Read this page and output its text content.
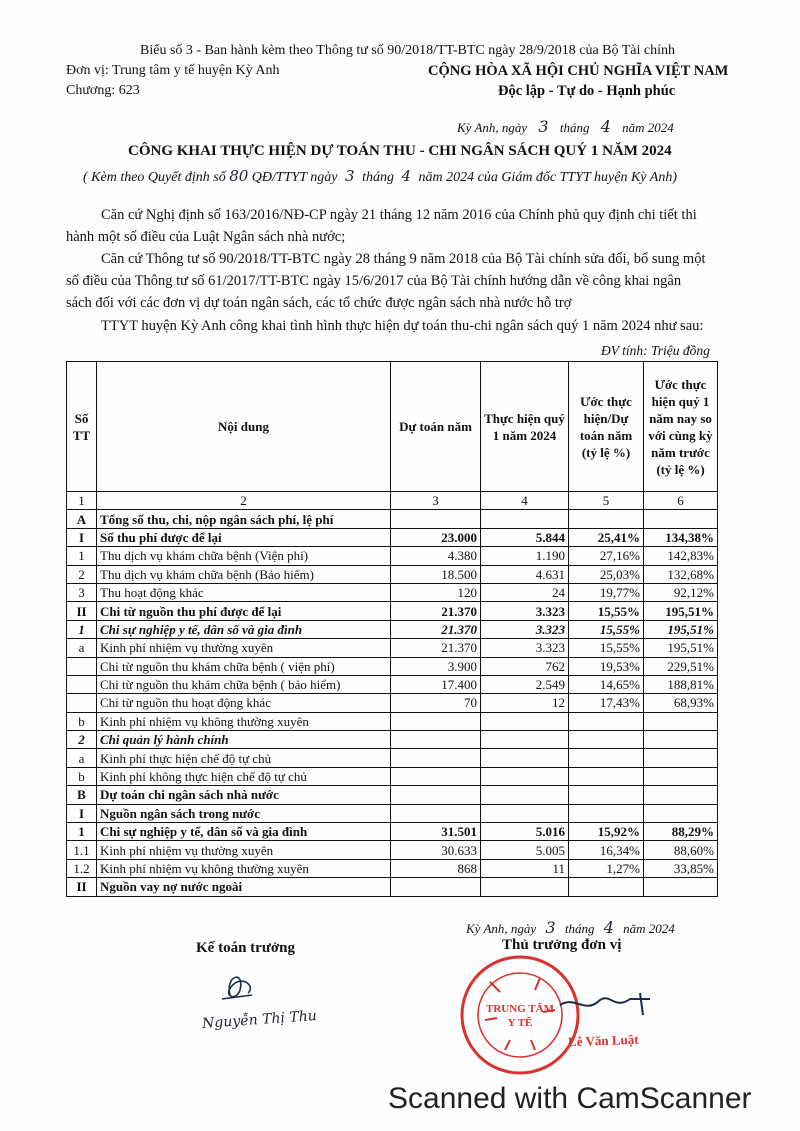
Biểu số 3 - Ban hành kèm theo Thông tư số 90/2018/TT-BTC ngày 28/9/2018 của Bộ Tài chính
Đơn vị: Trung tâm y tế huyện Kỳ Anh
Chương: 623
CỘNG HÒA XÃ HỘI CHỦ NGHĨA VIỆT NAM
Độc lập - Tự do - Hạnh phúc
Kỳ Anh, ngày 3 tháng 4 năm 2024
CÔNG KHAI THỰC HIỆN DỰ TOÁN THU - CHI NGÂN SÁCH QUÝ 1 NĂM 2024
( Kèm theo Quyết định số 80 QĐ/TTYT ngày 3 tháng 4 năm 2024 của Giám đốc TTYT huyện Kỳ Anh)
Căn cứ Nghị định số 163/2016/NĐ-CP ngày 21 tháng 12 năm 2016 của Chính phủ quy định chi tiết thi
hành một số điều của Luật Ngân sách nhà nước;
Căn cứ Thông tư số 90/2018/TT-BTC ngày 28 tháng 9 năm 2018 của Bộ Tài chính sửa đổi, bổ sung một
số điều của Thông tư số 61/2017/TT-BTC ngày 15/6/2017 của Bộ Tài chính hướng dẫn về công khai ngân
sách đối với các đơn vị dự toán ngân sách, các tổ chức được ngân sách nhà nước hỗ trợ
TTYT huyện Kỳ Anh công khai tình hình thực hiện dự toán thu-chi ngân sách quý 1 năm 2024 như sau:
ĐV tính: Triệu đồng
Số TT	Nội dung	Dự toán năm	Thực hiện quý 1 năm 2024	Ước thực hiện/Dự toán năm (tỷ lệ %)	Ước thực hiện quý 1 năm nay so với cùng kỳ năm trước (tỷ lệ %)
1	2	3	4	5	6
A	Tổng số thu, chi, nộp ngân sách phí, lệ phí				
I	Số thu phí được để lại	23.000	5.844	25,41%	134,38%
1	Thu dịch vụ khám chữa bệnh (Viện phí)	4.380	1.190	27,16%	142,83%
2	Thu dịch vụ khám chữa bệnh (Bảo hiểm)	18.500	4.631	25,03%	132,68%
3	Thu hoạt động khác	120	24	19,77%	92,12%
II	Chi từ nguồn thu phí được để lại	21.370	3.323	15,55%	195,51%
1	Chi sự nghiệp y tế, dân số và gia đình	21.370	3.323	15,55%	195,51%
a	Kinh phí nhiệm vụ thường xuyên	21.370	3.323	15,55%	195,51%
	Chi từ nguồn thu khám chữa bệnh ( viện phí)	3.900	762	19,53%	229,51%
	Chi từ nguồn thu khám chữa bệnh ( bảo hiểm)	17.400	2.549	14,65%	188,81%
	Chi từ nguồn thu hoạt động khác	70	12	17,43%	68,93%
b	Kinh phí nhiệm vụ không thường xuyên				
2	Chi quản lý hành chính				
a	Kinh phí thực hiện chế độ tự chủ				
b	Kinh phí không thực hiện chế độ tự chủ				
B	Dự toán chi ngân sách nhà nước				
I	Nguồn ngân sách trong nước				
1	Chi sự nghiệp y tế, dân số và gia đình	31.501	5.016	15,92%	88,29%
1.1	Kinh phí nhiệm vụ thường xuyên	30.633	5.005	16,34%	88,60%
1.2	Kinh phí nhiệm vụ không thường xuyên	868	11	1,27%	33,85%
II	Nguồn vay nợ nước ngoài				
Kỳ Anh, ngày 3 tháng 4 năm 2024
Kế toán trưởng	Thủ trưởng đơn vị
Nguyễn Thị Thu	TRUNG TÂM
Y TẾ
Lê Văn Luật
Scanned with CamScanner
